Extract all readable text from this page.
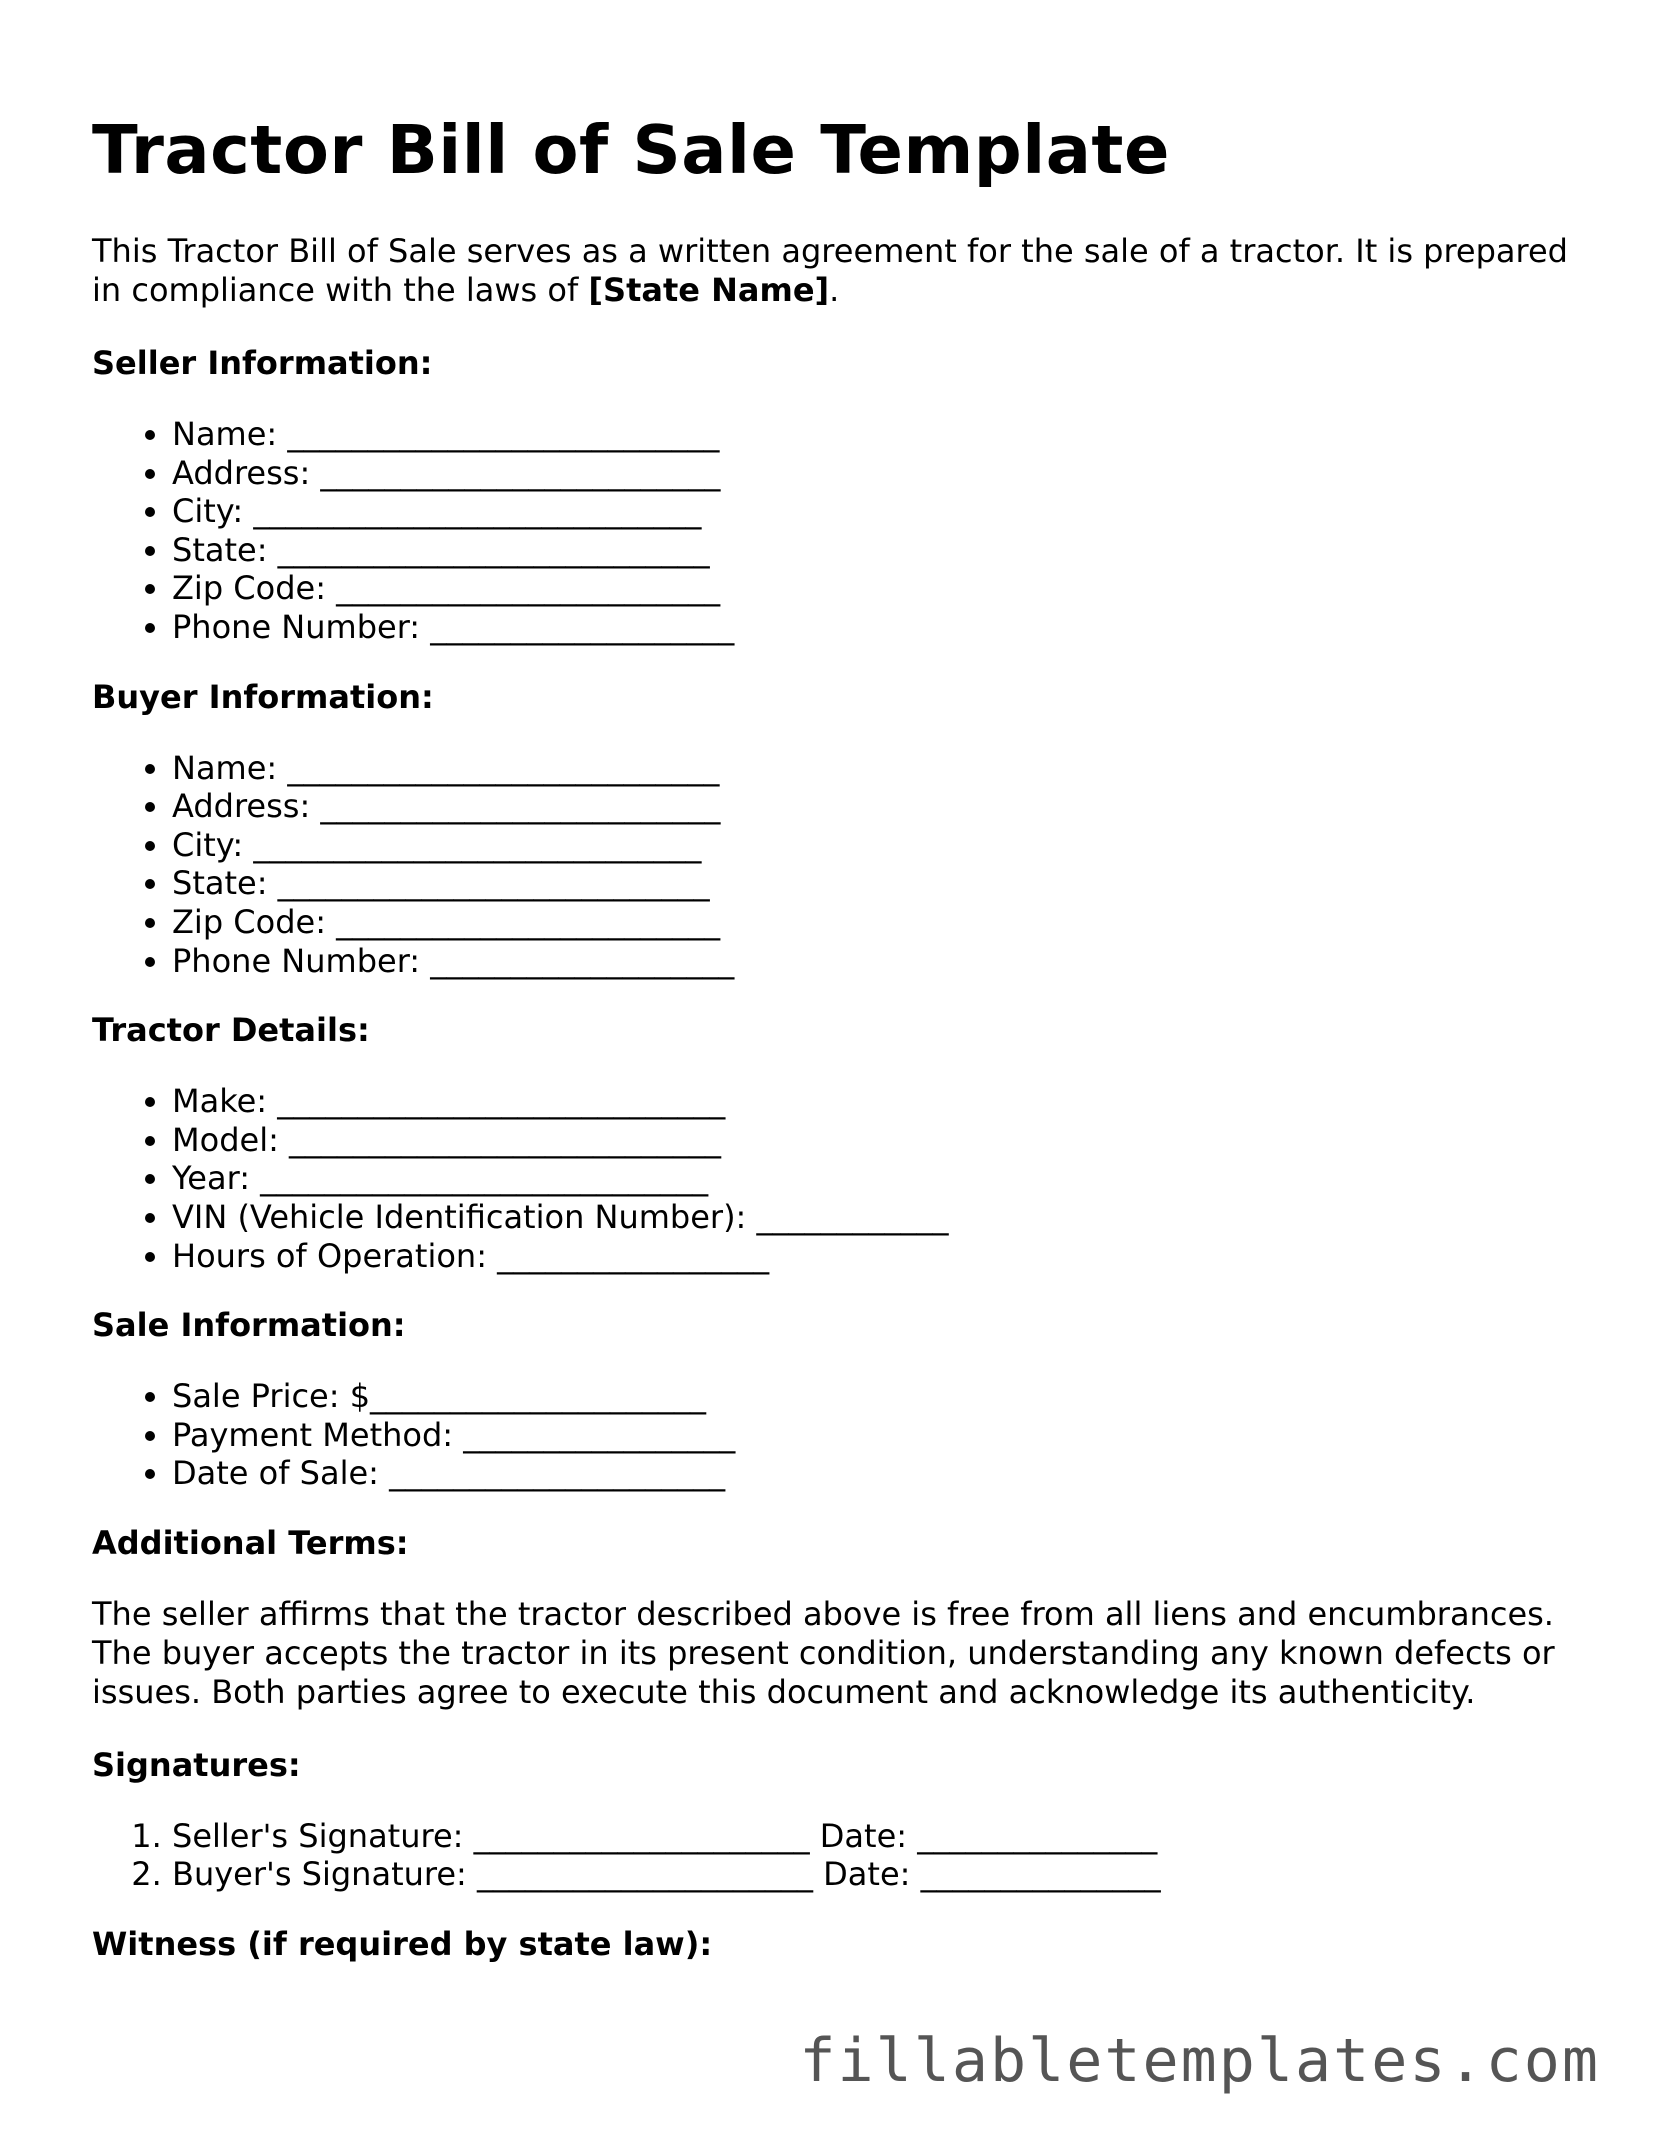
Tractor Bill of Sale Template

This Tractor Bill of Sale serves as a written agreement for the sale of a tractor. It is prepared in compliance with the laws of [State Name].

Seller Information:
• Name: ___________________________
• Address: _________________________
• City: ____________________________
• State: ___________________________
• Zip Code: ________________________
• Phone Number: ___________________
Buyer Information:
• Name: ___________________________
• Address: _________________________
• City: ____________________________
• State: ___________________________
• Zip Code: ________________________
• Phone Number: ___________________
Tractor Details:
• Make: ____________________________
• Model: ___________________________
• Year: ____________________________
• VIN (Vehicle Identification Number): ____________
• Hours of Operation: _________________
Sale Information:
• Sale Price: $_____________________
• Payment Method: _________________
• Date of Sale: _____________________
Additional Terms:

The seller affirms that the tractor described above is free from all liens and encumbrances. The buyer accepts the tractor in its present condition, understanding any known defects or issues. Both parties agree to execute this document and acknowledge its authenticity.

Signatures:
1. Seller's Signature: _____________________ Date: _______________
2. Buyer's Signature: _____________________ Date: _______________
Witness (if required by state law):
fillabletemplates.com
